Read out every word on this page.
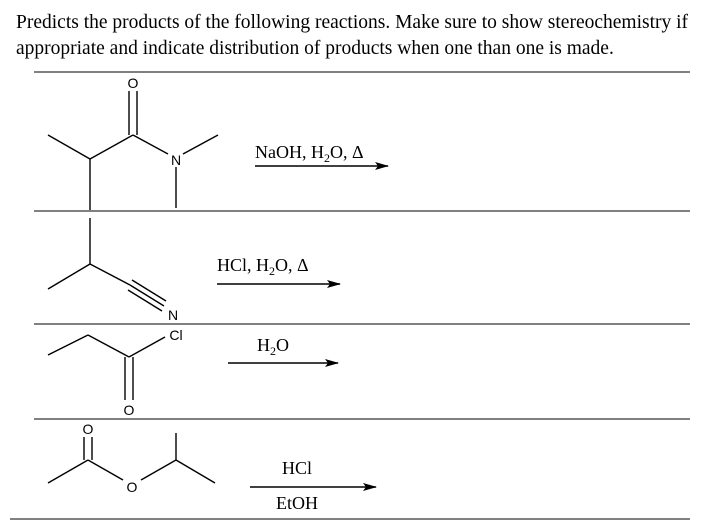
Predicts the products of the following reactions. Make sure to show stereochemistry if
appropriate and indicate distribution of products when one than one is made.
O
N	NaOH, $H_2O$, Δ
N
HCl, $H_2O$, Δ
Cl
O
$H_2O$
O
O
HCl
EtOH
